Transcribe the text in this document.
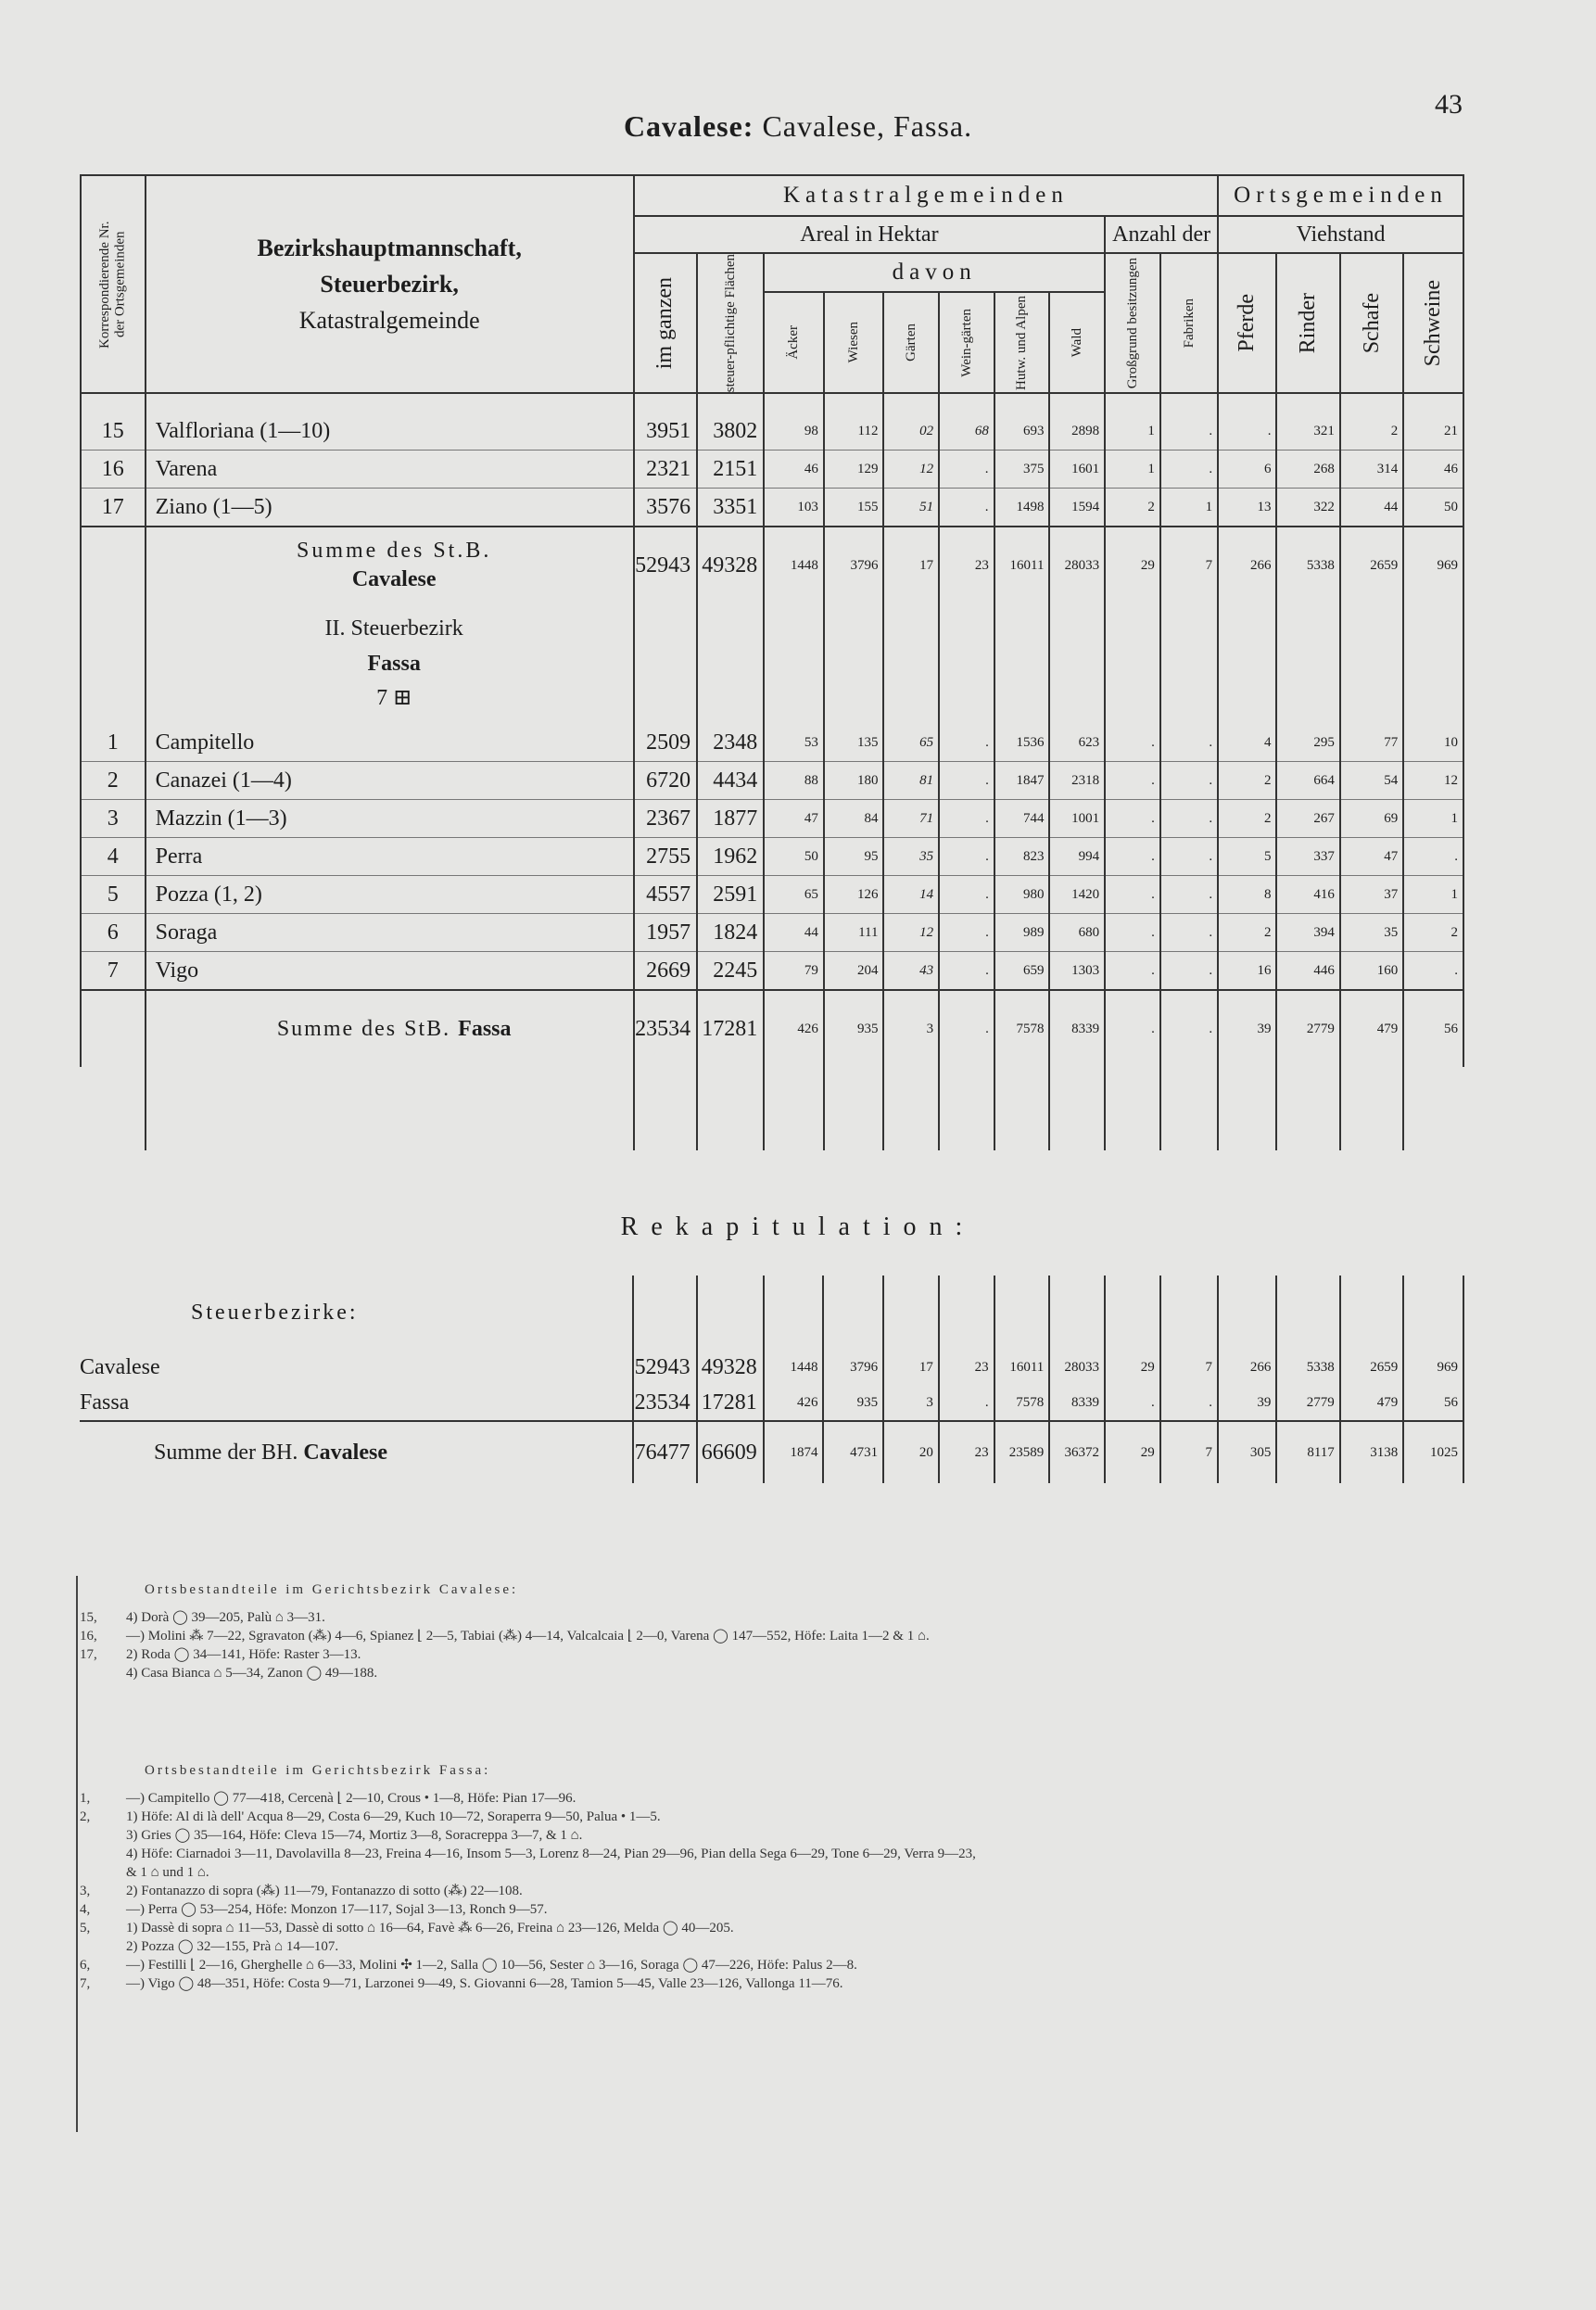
Cavalese: Cavalese, Fassa.
43
Korrespondierende Nr. der Ortsgemeinden	Bezirkshauptmannschaft,
Steuerbezirk,
Katastralgemeinde	Katastralgemeinden										Ortsgemeinden			
		Areal in Hektar								Anzahl der		Viehstand			

		im ganzen	steuer-pflichtige Flächen	davon						Großgrund besitzungen	Fabriken	Pferde	Rinder	Schafe	Schweine

				Äcker	Wiesen	Gärten	Wein-gärten	Hutw. und Alpen	Wald						

15	Valfloriana (1—10)	3951	3802	98	112	02	68	693	2898	1	.	.	321	2	21
16	Varena	2321	2151	46	129	12	.	375	1601	1	.	6	268	314	46
17	Ziano (1—5)	3576	3351	103	155	51	.	1498	1594	2	1	13	322	44	50
	Summe des St.B.
Cavalese	52943	49328	1448	3796	17	23	16011	28033	29	7	266	5338	2659	969
	II. Steuerbezirk
Fassa
7 ⊞														
1	Campitello	2509	2348	53	135	65	.	1536	623	.	.	4	295	77	10
2	Canazei (1—4)	6720	4434	88	180	81	.	1847	2318	.	.	2	664	54	12
3	Mazzin (1—3)	2367	1877	47	84	71	.	744	1001	.	.	2	267	69	1
4	Perra	2755	1962	50	95	35	.	823	994	.	.	5	337	47	.
5	Pozza (1, 2)	4557	2591	65	126	14	.	980	1420	.	.	8	416	37	1
6	Soraga	1957	1824	44	111	12	.	989	680	.	.	2	394	35	2
7	Vigo	2669	2245	79	204	43	.	659	1303	.	.	16	446	160	.
	Summe des StB. Fassa	23534	17281	426	935	3	.	7578	8339	.	.	39	2779	479	56

Rekapitulation:
Steuerbezirke:														
Cavalese	52943	49328	1448	3796	17	23	16011	28033	29	7	266	5338	2659	969
Fassa	23534	17281	426	935	3	.	7578	8339	.	.	39	2779	479	56
Summe der BH. Cavalese	76477	66609	1874	4731	20	23	23589	36372	29	7	305	8117	3138	1025
Ortsbestandteile im Gerichtsbezirk Cavalese:
15, 4) Dorà ◯ 39—205, Palù ⌂ 3—31.
16, —) Molini ⁂ 7—22, Sgravaton (⁂) 4—6, Spianez ⌊ 2—5, Tabiai (⁂) 4—14, Valcalcaia ⌊ 2—0, Varena ◯ 147—552, Höfe: Laita 1—2 & 1 ⌂.
17, 2) Roda ◯ 34—141, Höfe: Raster 3—13.
4) Casa Bianca ⌂ 5—34, Zanon ◯ 49—188.
Ortsbestandteile im Gerichtsbezirk Fassa:
1,	—) Campitello ◯ 77—418, Cercenà ⌊ 2—10, Crous • 1—8, Höfe: Pian 17—96.
2,	1) Höfe: Al di là dell' Acqua 8—29, Costa 6—29, Kuch 10—72, Soraperra 9—50, Palua • 1—5.
3) Gries ◯ 35—164, Höfe: Cleva 15—74, Mortiz 3—8, Soracreppa 3—7, & 1 ⌂.
4) Höfe: Ciarnadoi 3—11, Davolavilla 8—23, Freina 4—16, Insom 5—3, Lorenz 8—24, Pian 29—96, Pian della Sega 6—29, Tone 6—29, Verra 9—23,
& 1 ⌂ und 1 ⌂.
3,	2) Fontanazzo di sopra (⁂) 11—79, Fontanazzo di sotto (⁂) 22—108.
4,	—) Perra ◯ 53—254, Höfe: Monzon 17—117, Sojal 3—13, Ronch 9—57.
5,	1) Dassè di sopra ⌂ 11—53, Dassè di sotto ⌂ 16—64, Favè ⁂ 6—26, Freina ⌂ 23—126, Melda ◯ 40—205.
2) Pozza ◯ 32—155, Prà ⌂ 14—107.
6,	—) Festilli ⌊ 2—16, Gherghelle ⌂ 6—33, Molini ✣ 1—2, Salla ◯ 10—56, Sester ⌂ 3—16, Soraga ◯ 47—226, Höfe: Palus 2—8.
7,	—) Vigo ◯ 48—351, Höfe: Costa 9—71, Larzonei 9—49, S. Giovanni 6—28, Tamion 5—45, Valle 23—126, Vallonga 11—76.
